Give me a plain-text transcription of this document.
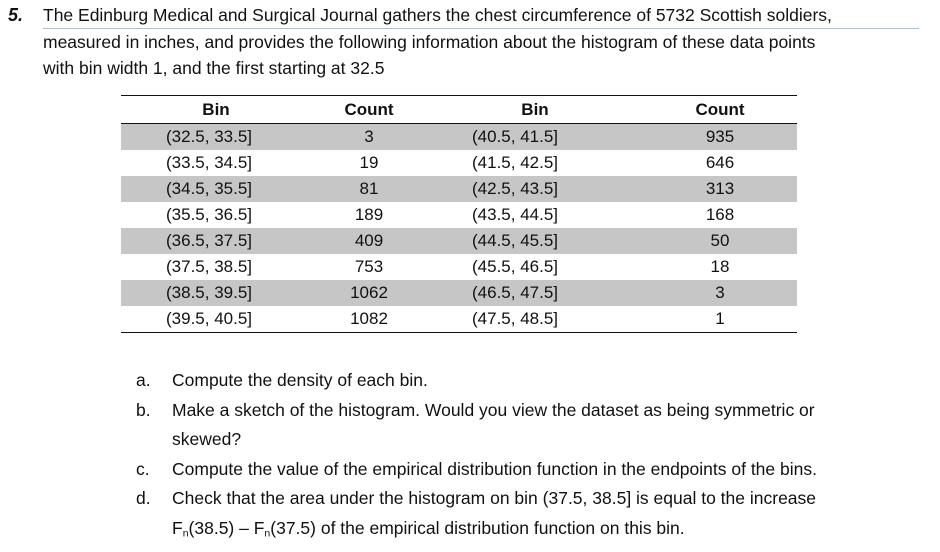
5. The Edinburg Medical and Surgical Journal gathers the chest circumference of 5732 Scottish soldiers,
measured in inches, and provides the following information about the histogram of these data points
with bin width 1, and the first starting at 32.5
Bin	Count	Bin	Count
(32.5, 33.5]	3	(40.5, 41.5]	935
(33.5, 34.5]	19	(41.5, 42.5]	646
(34.5, 35.5]	81	(42.5, 43.5]	313
(35.5, 36.5]	189	(43.5, 44.5]	168
(36.5, 37.5]	409	(44.5, 45.5]	50
(37.5, 38.5]	753	(45.5, 46.5]	18
(38.5, 39.5]	1062	(46.5, 47.5]	3
(39.5, 40.5]	1082	(47.5, 48.5]	1
a. Compute the density of each bin.
b. Make a sketch of the histogram. Would you view the dataset as being symmetric or
skewed?
c. Compute the value of the empirical distribution function in the endpoints of the bins.
d. Check that the area under the histogram on bin (37.5, 38.5] is equal to the increase
$F_n(38.5) - F_n(37.5)$ of the empirical distribution function on this bin.
